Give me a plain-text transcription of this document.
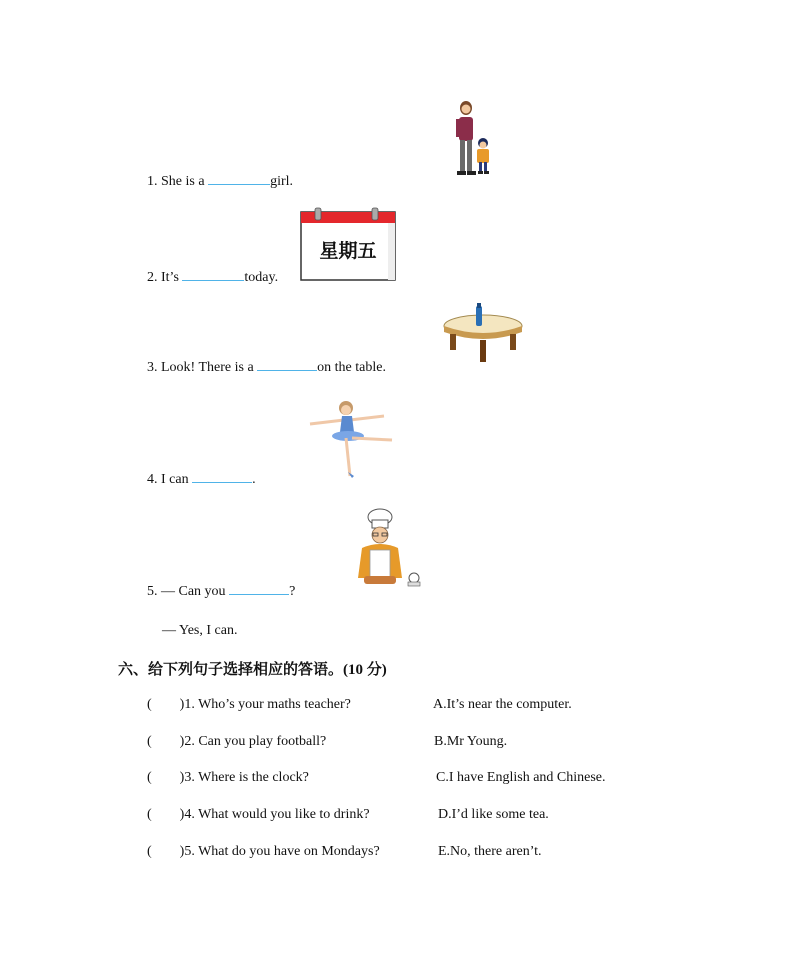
1. She is a	girl.
星期五
2. It’s	today.
3. Look! There is a	on the table.
4. I can	.
5. — Can you	?
— Yes, I can.
六、给下列句子选择相应的答语。(10 分)
( )1. Who’s your maths teacher?	A.It’s near the computer.
( )2. Can you play football?	B.Mr Young.
( )3. Where is the clock?	C.I have English and Chinese.
( )4. What would you like to drink?	D.I’d like some tea.
( )5. What do you have on Mondays?	E.No, there aren’t.
